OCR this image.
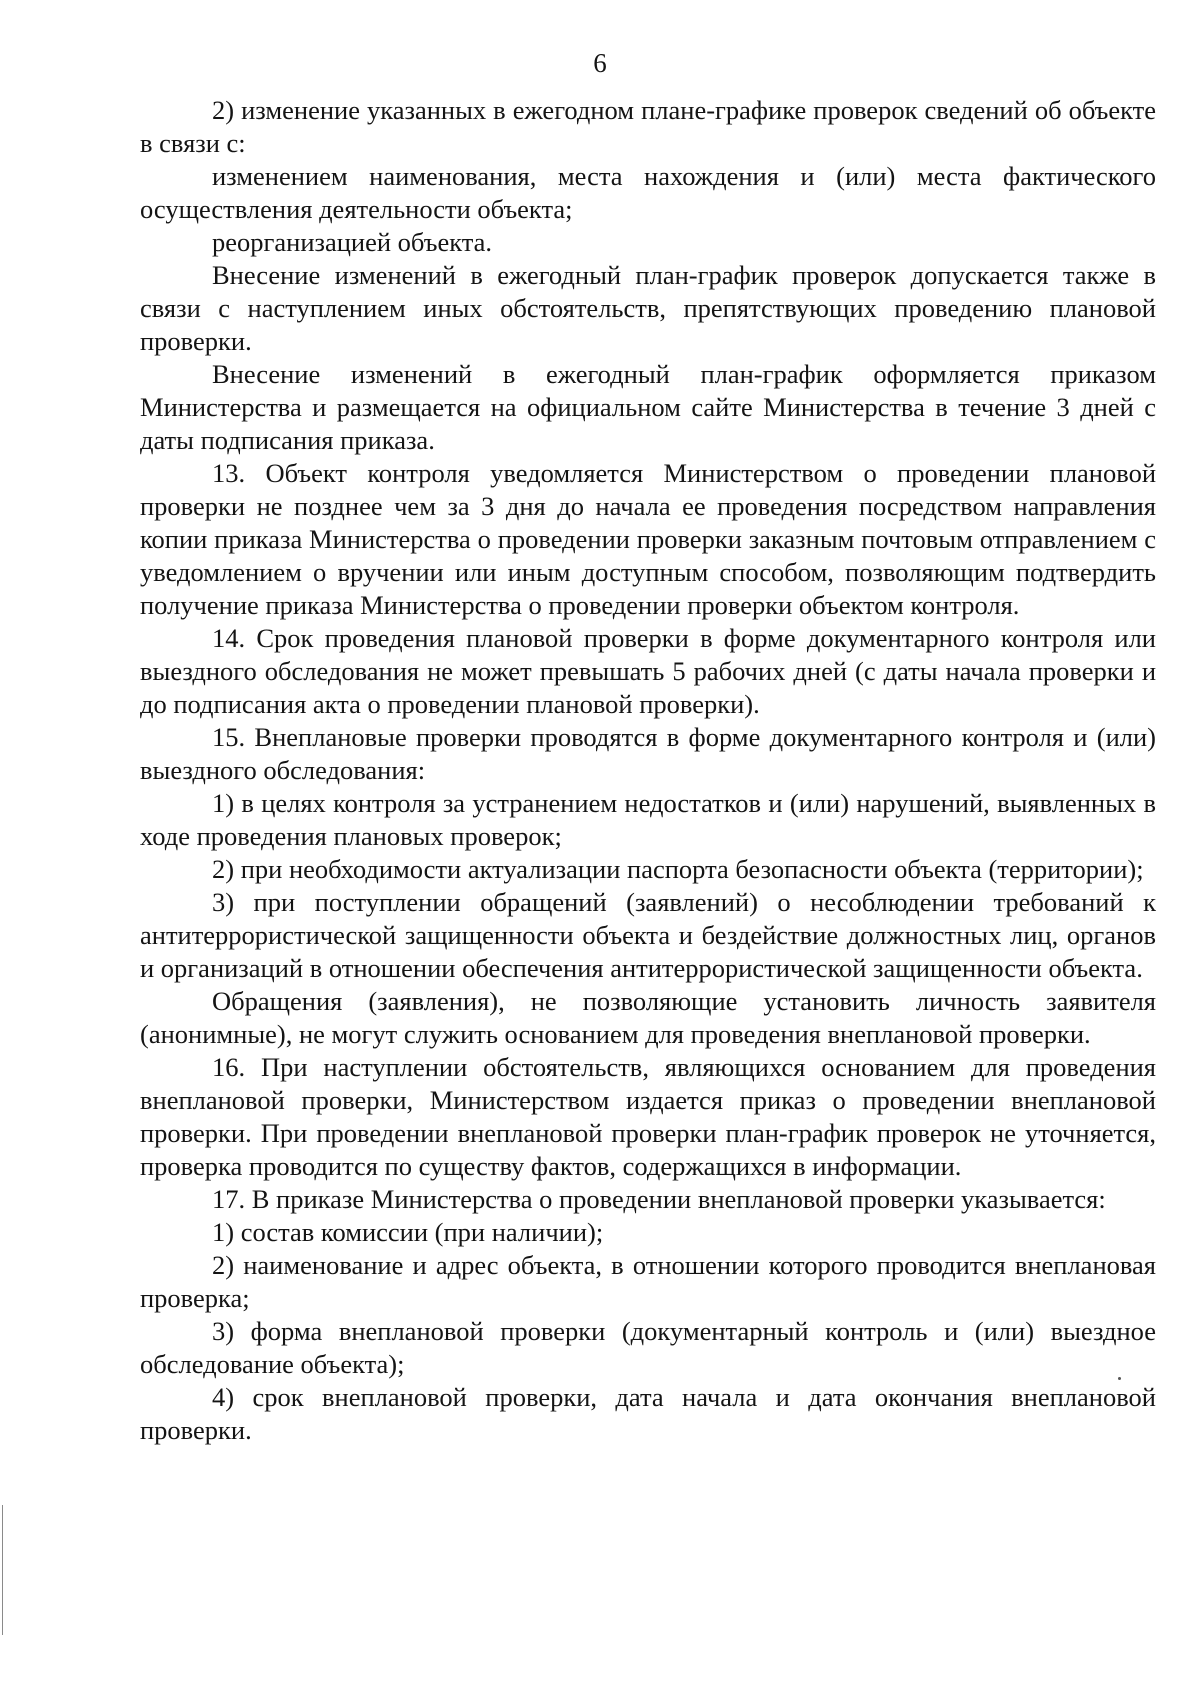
6

2) изменение указанных в ежегодном плане-графике проверок сведений об объекте в связи с:

изменением наименования, места нахождения и (или) места фактического осуществления деятельности объекта;

реорганизацией объекта.

Внесение изменений в ежегодный план-график проверок допускается также в связи с наступлением иных обстоятельств, препятствующих проведению плановой проверки.

Внесение изменений в ежегодный план-график оформляется приказом Министерства и размещается на официальном сайте Министерства в течение 3 дней с даты подписания приказа.

13. Объект контроля уведомляется Министерством о проведении плановой проверки не позднее чем за 3 дня до начала ее проведения посредством направления копии приказа Министерства о проведении проверки заказным почтовым отправлением с уведомлением о вручении или иным доступным способом, позволяющим подтвердить получение приказа Министерства о проведении проверки объектом контроля.

14. Срок проведения плановой проверки в форме документарного контроля или выездного обследования не может превышать 5 рабочих дней (с даты начала проверки и до подписания акта о проведении плановой проверки).

15. Внеплановые проверки проводятся в форме документарного контроля и (или) выездного обследования:

1) в целях контроля за устранением недостатков и (или) нарушений, выявленных в ходе проведения плановых проверок;

2) при необходимости актуализации паспорта безопасности объекта (территории);

3) при поступлении обращений (заявлений) о несоблюдении требований к антитеррористической защищенности объекта и бездействие должностных лиц, органов и организаций в отношении обеспечения антитеррористической защищенности объекта.

Обращения (заявления), не позволяющие установить личность заявителя (анонимные), не могут служить основанием для проведения внеплановой проверки.

16. При наступлении обстоятельств, являющихся основанием для проведения внеплановой проверки, Министерством издается приказ о проведении внеплановой проверки. При проведении внеплановой проверки план-график проверок не уточняется, проверка проводится по существу фактов, содержащихся в информации.

17. В приказе Министерства о проведении внеплановой проверки указывается:

1) состав комиссии (при наличии);

2) наименование и адрес объекта, в отношении которого проводится внеплановая проверка;

3) форма внеплановой проверки (документарный контроль и (или) выездное обследование объекта);

4) срок внеплановой проверки, дата начала и дата окончания внеплановой проверки.
